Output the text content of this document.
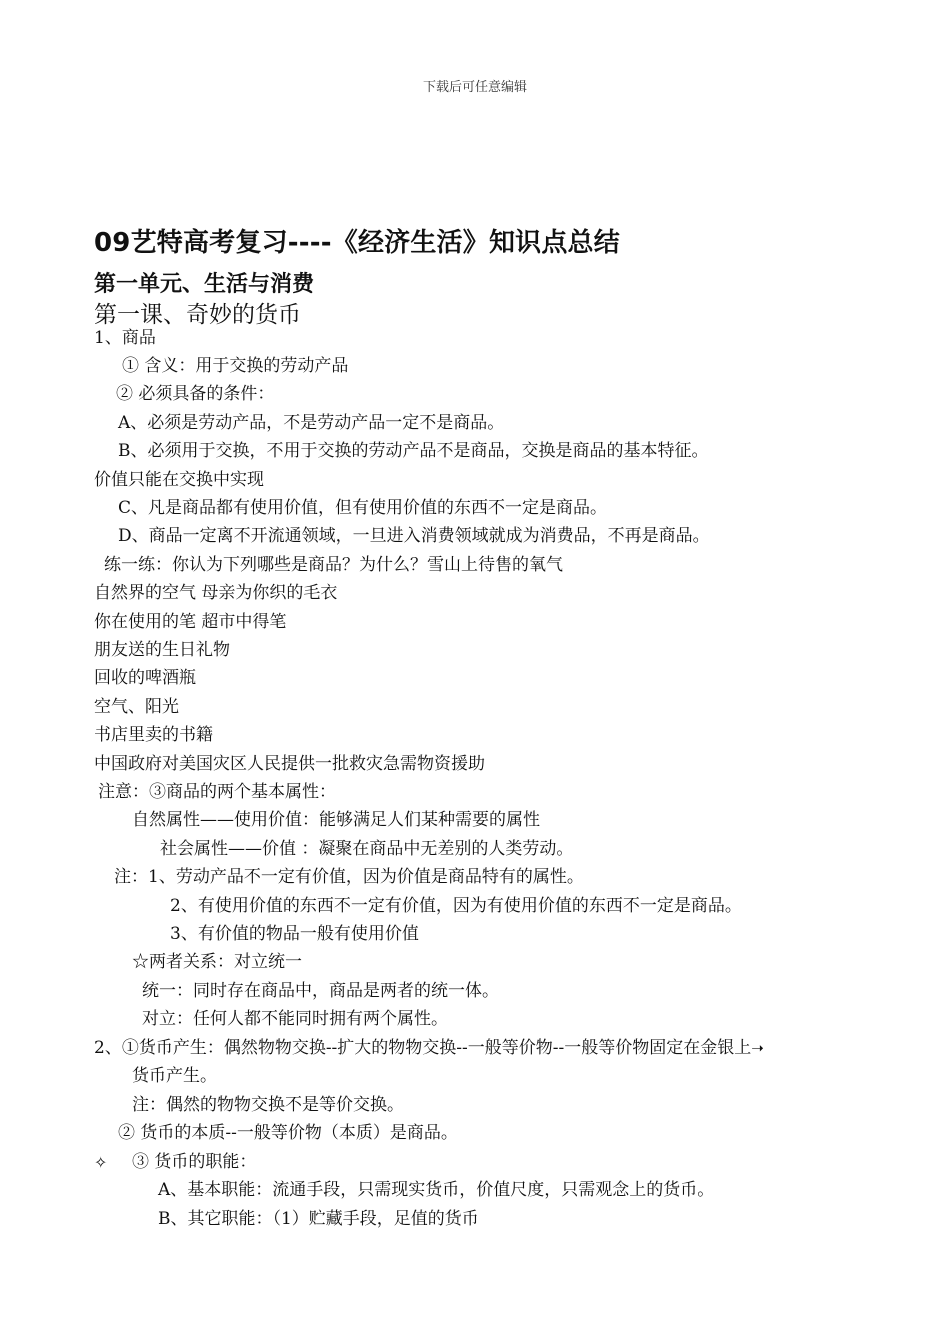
下载后可任意编辑
09艺特高考复习----《经济生活》知识点总结
第一单元、生活与消费
第一课、奇妙的货币
1、商品
① 含义：用于交换的劳动产品
② 必须具备的条件：
A、必须是劳动产品，不是劳动产品一定不是商品。
B、必须用于交换，不用于交换的劳动产品不是商品，交换是商品的基本特征。
价值只能在交换中实现
C、凡是商品都有使用价值，但有使用价值的东西不一定是商品。
D、商品一定离不开流通领域，一旦进入消费领域就成为消费品，不再是商品。
练一练：你认为下列哪些是商品？为什么？雪山上待售的氧气
自然界的空气 母亲为你织的毛衣
你在使用的笔 超市中得笔
朋友送的生日礼物
回收的啤酒瓶
空气、阳光
书店里卖的书籍
中国政府对美国灾区人民提供一批救灾急需物资援助
注意：③商品的两个基本属性：
自然属性——使用价值：能够满足人们某种需要的属性
社会属性——价值 ：凝聚在商品中无差别的人类劳动。
注：1、劳动产品不一定有价值，因为价值是商品特有的属性。
2、有使用价值的东西不一定有价值，因为有使用价值的东西不一定是商品。
3、有价值的物品一般有使用价值
☆两者关系：对立统一
统一：同时存在商品中，商品是两者的统一体。
对立：任何人都不能同时拥有两个属性。
2、①货币产生：偶然物物交换--扩大的物物交换--一般等价物--一般等价物固定在金银上➝
货币产生。
注：偶然的物物交换不是等价交换。
② 货币的本质--一般等价物（本质）是商品。
✧ ③ 货币的职能：
A、基本职能：流通手段，只需现实货币，价值尺度，只需观念上的货币。
B、其它职能：（1）贮藏手段，足值的货币
